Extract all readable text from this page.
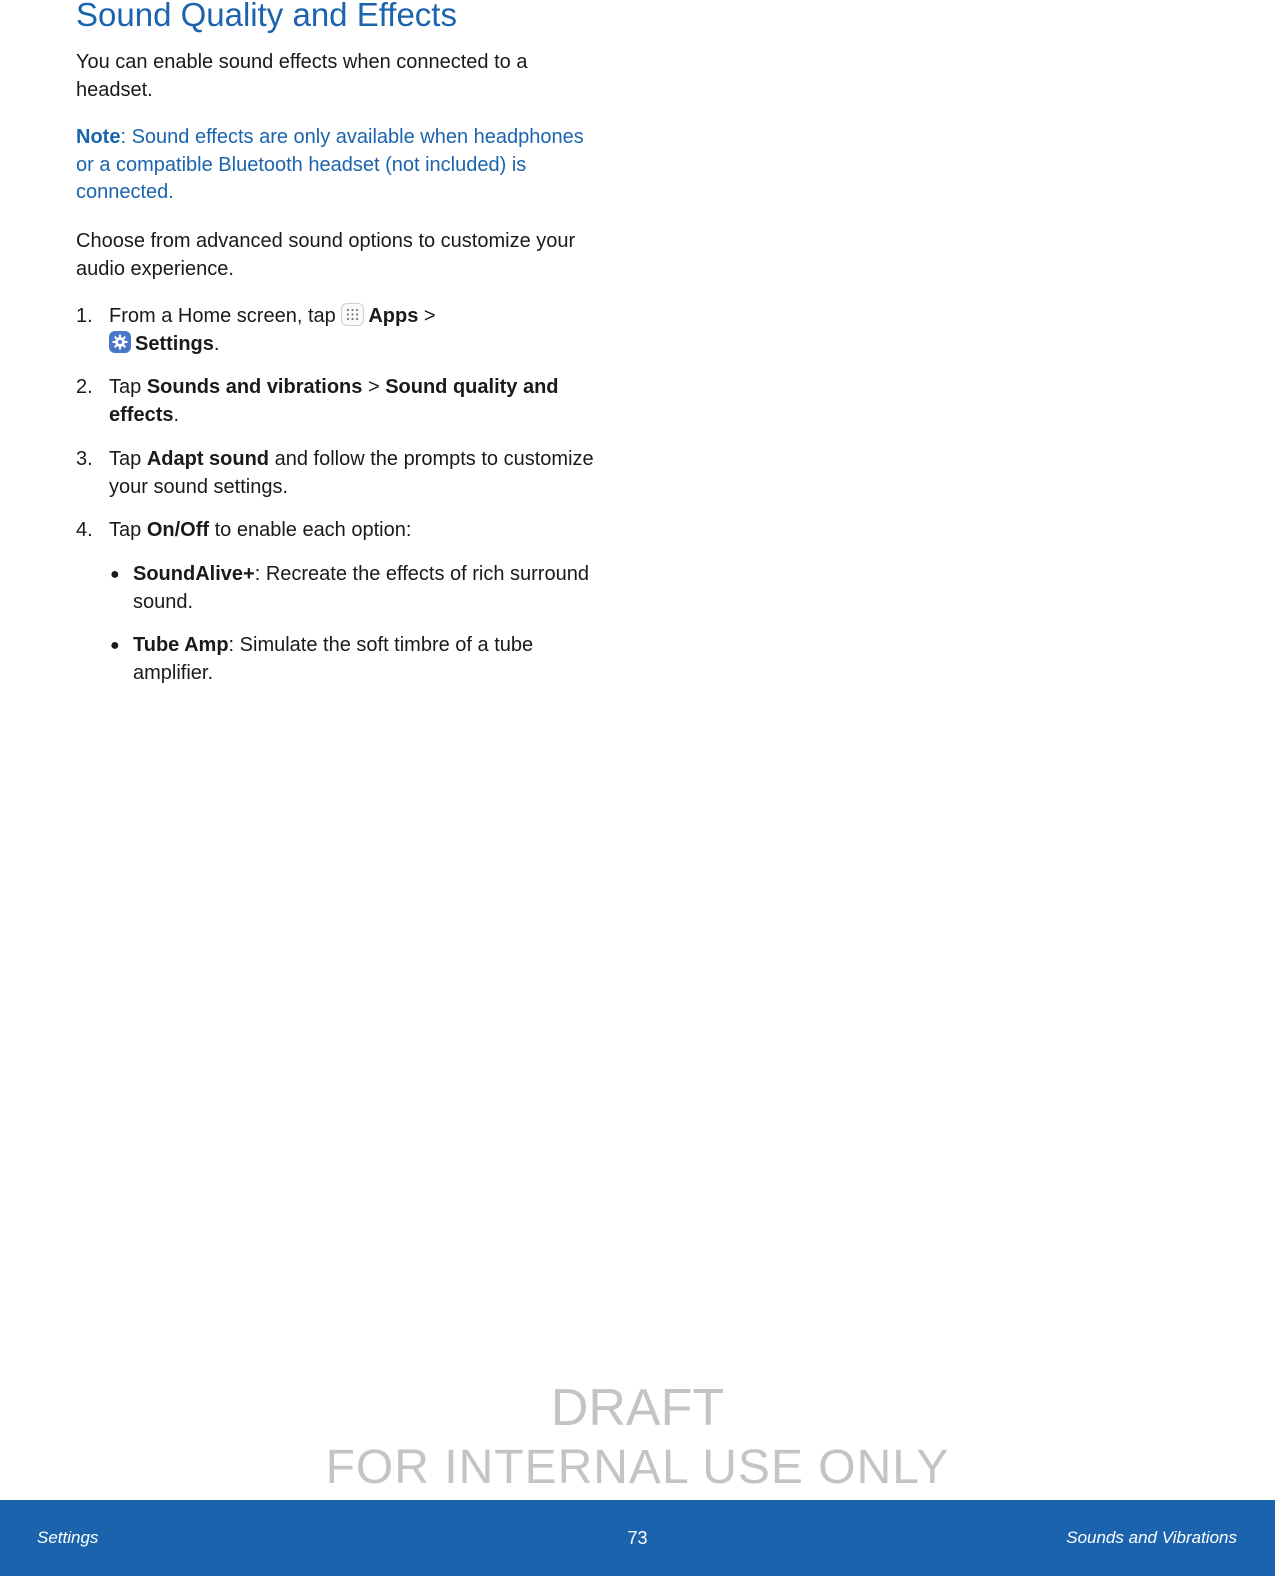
Sound Quality and Effects

You can enable sound effects when connected to a headset.

Note: Sound effects are only available when headphones or a compatible Bluetooth headset (not included) is connected.

Choose from advanced sound options to customize your audio experience.

1. From a Home screen, tap
Apps >

Settings.
2. Tap Sounds and vibrations > Sound quality and effects.
3. Tap Adapt sound and follow the prompts to customize your sound settings.
4. Tap On/Off to enable each option:
● SoundAlive+: Recreate the effects of rich surround sound.
● Tube Amp: Simulate the soft timbre of a tube amplifier.
DRAFT
FOR INTERNAL USE ONLY
Settings	73	Sounds and Vibrations
